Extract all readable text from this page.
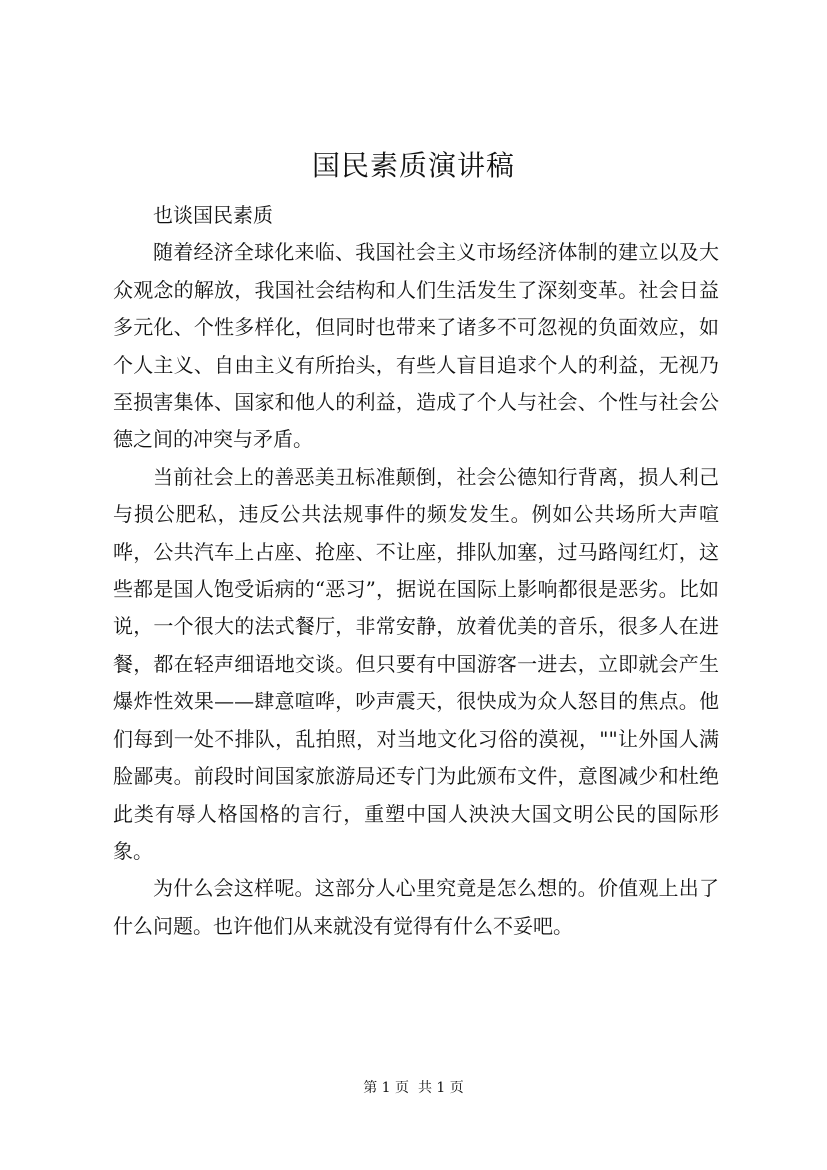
国民素质演讲稿

也谈国民素质

随着经济全球化来临、我国社会主义市场经济体制的建立以及大众观念的解放，我国社会结构和人们生活发生了深刻变革。社会日益多元化、个性多样化，但同时也带来了诸多不可忽视的负面效应，如个人主义、自由主义有所抬头，有些人盲目追求个人的利益，无视乃至损害集体、国家和他人的利益，造成了个人与社会、个性与社会公德之间的冲突与矛盾。

当前社会上的善恶美丑标准颠倒，社会公德知行背离，损人利己与损公肥私，违反公共法规事件的频发发生。例如公共场所大声喧哗，公共汽车上占座、抢座、不让座，排队加塞，过马路闯红灯，这些都是国人饱受诟病的“恶习”，据说在国际上影响都很是恶劣。比如说，一个很大的法式餐厅，非常安静，放着优美的音乐，很多人在进餐，都在轻声细语地交谈。但只要有中国游客一进去，立即就会产生爆炸性效果——肆意喧哗，吵声震天，很快成为众人怒目的焦点。他们每到一处不排队，乱拍照，对当地文化习俗的漠视，""让外国人满脸鄙夷。前段时间国家旅游局还专门为此颁布文件，意图减少和杜绝此类有辱人格国格的言行，重塑中国人泱泱大国文明公民的国际形象。

为什么会这样呢。这部分人心里究竟是怎么想的。价值观上出了什么问题。也许他们从来就没有觉得有什么不妥吧。

第 1 页  共 1 页
